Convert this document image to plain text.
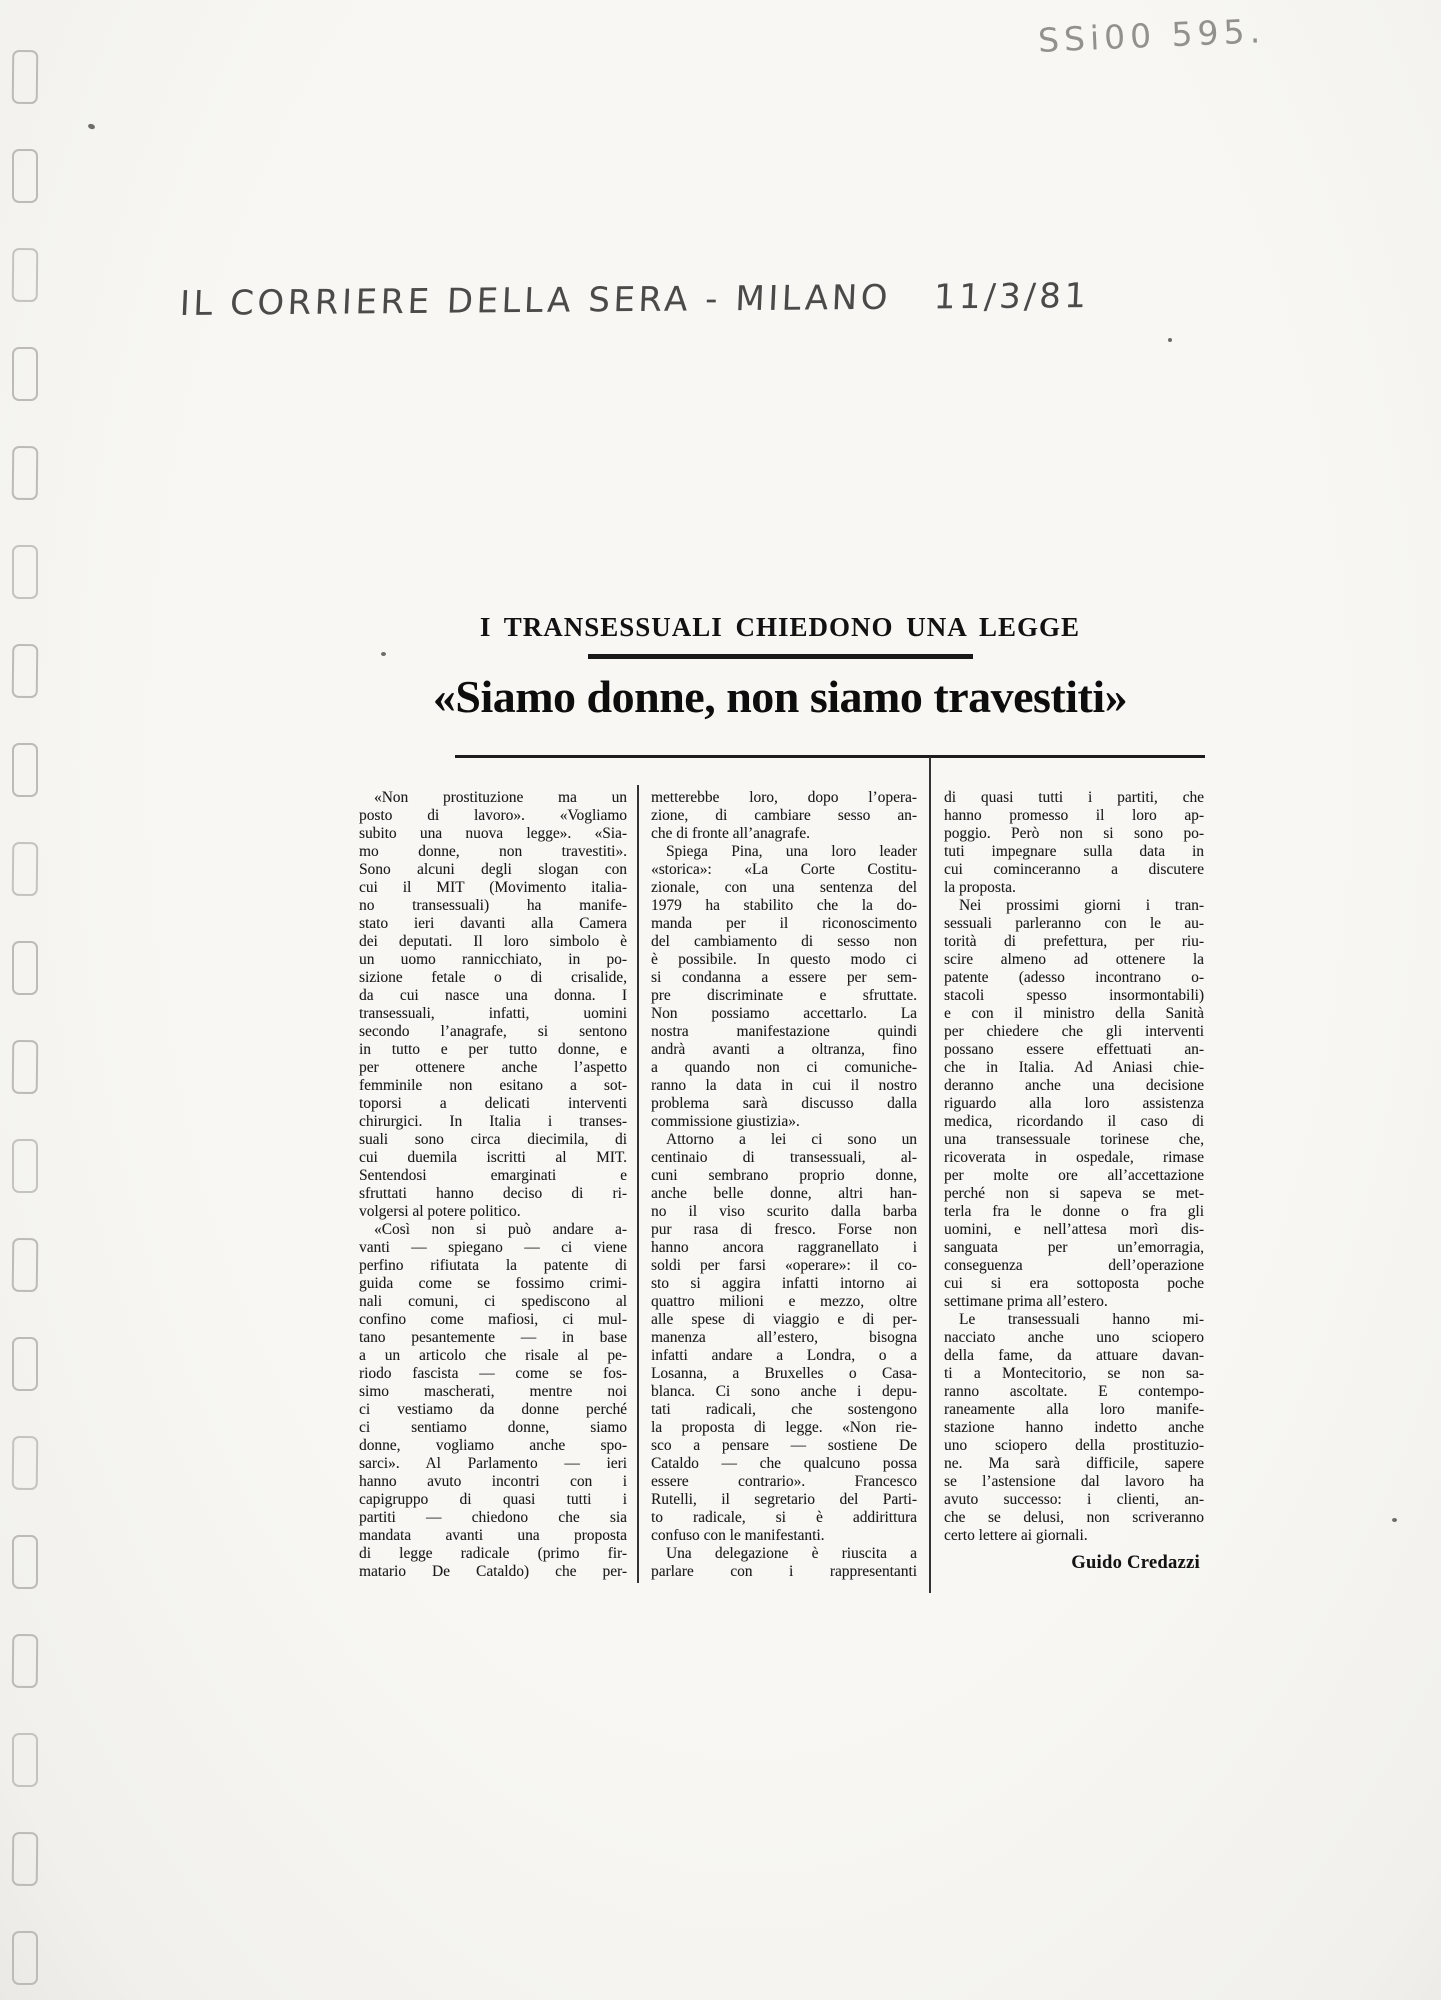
SSi00 595.
IL CORRIERE DELLA SERA - MILANO   11/3/81
I TRANSESSUALI CHIEDONO UNA LEGGE
«Siamo donne, non siamo travestiti»
«Non prostituzione ma un
posto di lavoro». «Vogliamo
subito una nuova legge». «Sia-
mo donne, non travestiti».
Sono alcuni degli slogan con
cui il MIT (Movimento italia-
no transessuali) ha manife-
stato ieri davanti alla Camera
dei deputati. Il loro simbolo è
un uomo rannicchiato, in po-
sizione fetale o di crisalide,
da cui nasce una donna. I
transessuali, infatti, uomini
secondo l’anagrafe, si sentono
in tutto e per tutto donne, e
per ottenere anche l’aspetto
femminile non esitano a sot-
toporsi a delicati interventi
chirurgici. In Italia i transes-
suali sono circa diecimila, di
cui duemila iscritti al MIT.
Sentendosi emarginati e
sfruttati hanno deciso di ri-
volgersi al potere politico.
«Così non si può andare a-
vanti — spiegano — ci viene
perfino rifiutata la patente di
guida come se fossimo crimi-
nali comuni, ci spediscono al
confino come mafiosi, ci mul-
tano pesantemente — in base
a un articolo che risale al pe-
riodo fascista — come se fos-
simo mascherati, mentre noi
ci vestiamo da donne perché
ci sentiamo donne, siamo
donne, vogliamo anche spo-
sarci». Al Parlamento — ieri
hanno avuto incontri con i
capigruppo di quasi tutti i
partiti — chiedono che sia
mandata avanti una proposta
di legge radicale (primo fir-
matario De Cataldo) che per-
metterebbe loro, dopo l’opera-
zione, di cambiare sesso an-
che di fronte all’anagrafe.
Spiega Pina, una loro leader
«storica»: «La Corte Costitu-
zionale, con una sentenza del
1979 ha stabilito che la do-
manda per il riconoscimento
del cambiamento di sesso non
è possibile. In questo modo ci
si condanna a essere per sem-
pre discriminate e sfruttate.
Non possiamo accettarlo. La
nostra manifestazione quindi
andrà avanti a oltranza, fino
a quando non ci comuniche-
ranno la data in cui il nostro
problema sarà discusso dalla
commissione giustizia».
Attorno a lei ci sono un
centinaio di transessuali, al-
cuni sembrano proprio donne,
anche belle donne, altri han-
no il viso scurito dalla barba
pur rasa di fresco. Forse non
hanno ancora raggranellato i
soldi per farsi «operare»: il co-
sto si aggira infatti intorno ai
quattro milioni e mezzo, oltre
alle spese di viaggio e di per-
manenza all’estero, bisogna
infatti andare a Londra, o a
Losanna, a Bruxelles o Casa-
blanca. Ci sono anche i depu-
tati radicali, che sostengono
la proposta di legge. «Non rie-
sco a pensare — sostiene De
Cataldo — che qualcuno possa
essere contrario». Francesco
Rutelli, il segretario del Parti-
to radicale, si è addirittura
confuso con le manifestanti.
Una delegazione è riuscita a
parlare con i rappresentanti
di quasi tutti i partiti, che
hanno promesso il loro ap-
poggio. Però non si sono po-
tuti impegnare sulla data in
cui cominceranno a discutere
la proposta.
Nei prossimi giorni i tran-
sessuali parleranno con le au-
torità di prefettura, per riu-
scire almeno ad ottenere la
patente (adesso incontrano o-
stacoli spesso insormontabili)
e con il ministro della Sanità
per chiedere che gli interventi
possano essere effettuati an-
che in Italia. Ad Aniasi chie-
deranno anche una decisione
riguardo alla loro assistenza
medica, ricordando il caso di
una transessuale torinese che,
ricoverata in ospedale, rimase
per molte ore all’accettazione
perché non si sapeva se met-
terla fra le donne o fra gli
uomini, e nell’attesa morì dis-
sanguata per un’emorragia,
conseguenza dell’operazione
cui si era sottoposta poche
settimane prima all’estero.
Le transessuali hanno mi-
nacciato anche uno sciopero
della fame, da attuare davan-
ti a Montecitorio, se non sa-
ranno ascoltate. E contempo-
raneamente alla loro manife-
stazione hanno indetto anche
uno sciopero della prostituzio-
ne. Ma sarà difficile, sapere
se l’astensione dal lavoro ha
avuto successo: i clienti, an-
che se delusi, non scriveranno
certo lettere ai giornali.
Guido Credazzi
